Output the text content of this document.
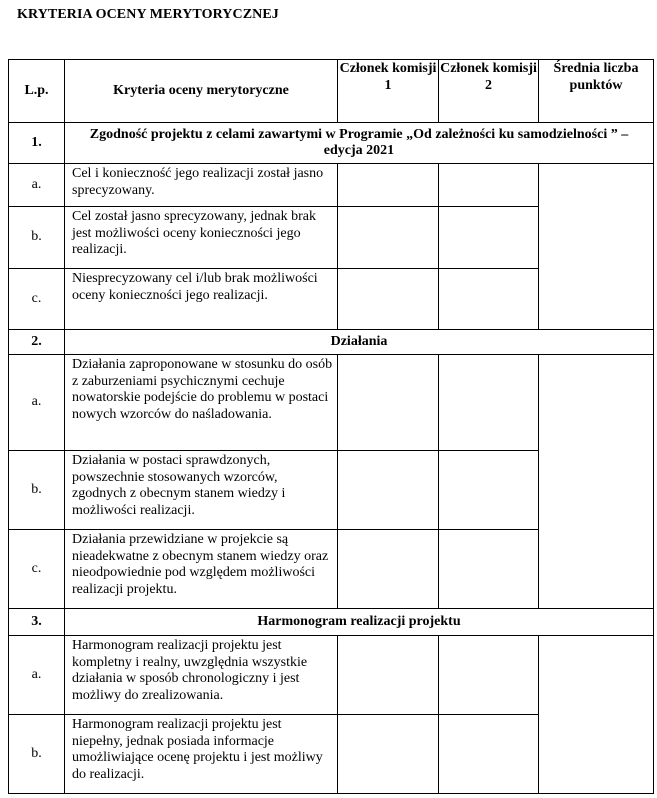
KRYTERIA OCENY MERYTORYCZNEJ
L.p.	Kryteria oceny merytoryczne	Członek komisji 1	Członek komisji 2	Średnia liczba punktów
1.	Zgodność projektu z celami zawartymi w Programie „Od zależności ku samodzielności ” – edycja 2021			
a.	Cel i konieczność jego realizacji został jasno sprecyzowany.			
b.	Cel został jasno sprecyzowany, jednak brak jest możliwości oceny konieczności jego realizacji.			
c.	Niesprecyzowany cel i/lub brak możliwości oceny konieczności jego realizacji.			
2.	Działania			
a.	Działania zaproponowane w stosunku do osób z zaburzeniami psychicznymi cechuje nowatorskie podejście do problemu w postaci nowych wzorców do naśladowania.			
b.	Działania w postaci sprawdzonych, powszechnie stosowanych wzorców, zgodnych z obecnym stanem wiedzy i możliwości realizacji.			
c.	Działania przewidziane w projekcie są nieadekwatne z obecnym stanem wiedzy oraz nieodpowiednie pod względem możliwości realizacji projektu.			
3.	Harmonogram realizacji projektu			
a.	Harmonogram realizacji projektu jest kompletny i realny, uwzględnia wszystkie działania w sposób chronologiczny i jest możliwy do zrealizowania.			
b.	Harmonogram realizacji projektu jest niepełny, jednak posiada informacje umożliwiające ocenę projektu i jest możliwy do realizacji.			
